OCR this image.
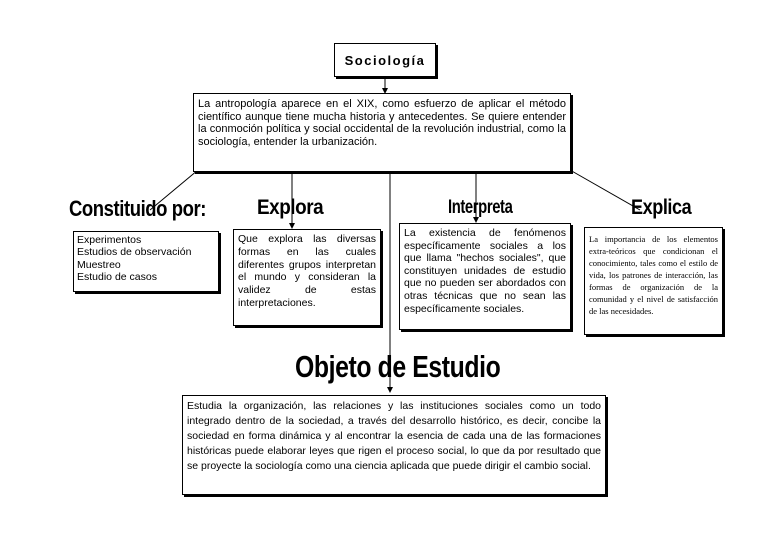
Sociología
La antropología aparece en el XIX, como esfuerzo de aplicar el método científico aunque tiene mucha historia y antecedentes. Se quiere entender la conmoción política y social occidental de la revolución industrial, como la sociología, entender la urbanización.
Constituido por:
Experimentos
Estudios de observación
Muestreo
Estudio de casos
Explora
Que explora las diversas formas en las cuales diferentes grupos interpretan el mundo y consideran la validez de estas interpretaciones.
Interpreta
La existencia de fenómenos específicamente sociales a los que llama "hechos sociales", que constituyen unidades de estudio que no pueden ser abordados con otras técnicas que no sean las específicamente sociales.
Explica
La importancia de los elementos extra-teóricos que condicionan el conocimiento, tales como el estilo de vida, los patrones de interacción, las formas de organización de la comunidad y el nivel de satisfacción de las necesidades.
Objeto de Estudio
Estudia la organización, las relaciones y las instituciones sociales como un todo integrado dentro de la sociedad, a través del desarrollo histórico, es decir, concibe la sociedad en forma dinámica y al encontrar la esencia de cada una de las formaciones históricas puede elaborar leyes que rigen el proceso social, lo que da por resultado que se proyecte la sociología como una ciencia aplicada que puede dirigir el cambio social.
